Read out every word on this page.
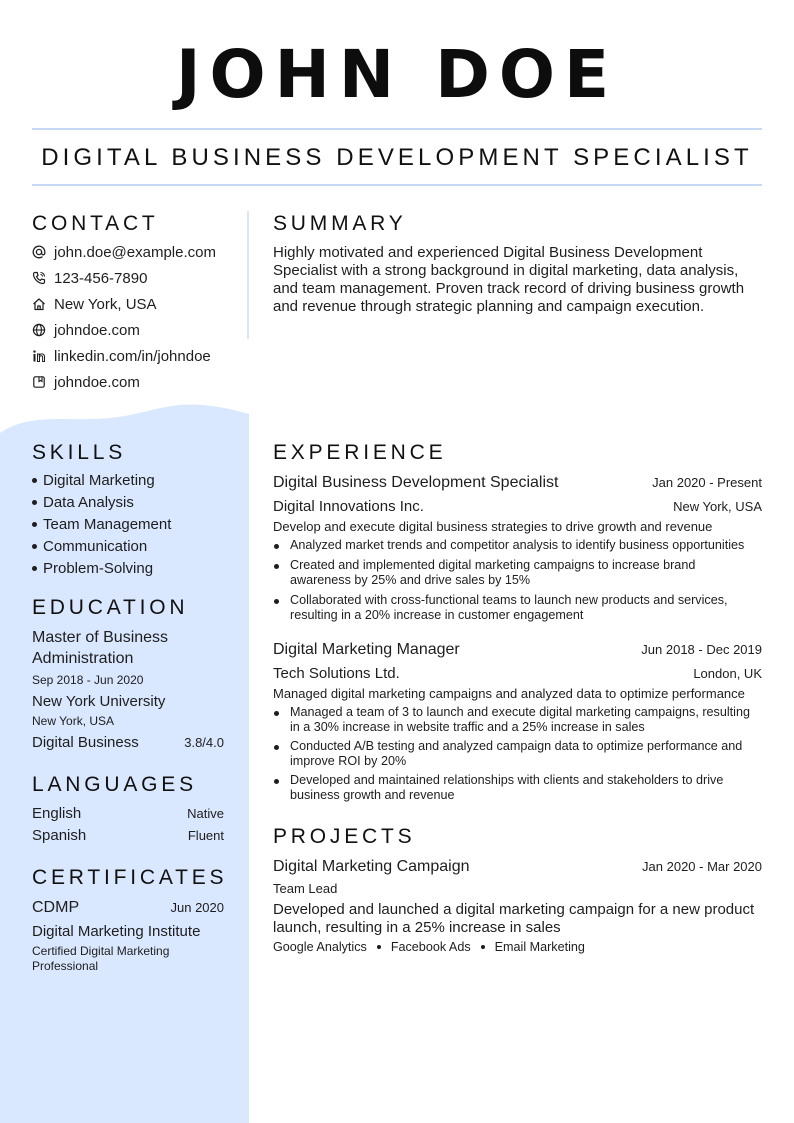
JOHN DOE
DIGITAL BUSINESS DEVELOPMENT SPECIALIST
CONTACT
john.doe@example.com
123-456-7890
New York, USA
johndoe.com
linkedin.com/in/johndoe
johndoe.com
SKILLS
Digital Marketing
Data Analysis
Team Management
Communication
Problem-Solving
EDUCATION
Master of Business
Administration
Sep 2018 - Jun 2020
New York University
New York, USA
Digital Business	3.8/4.0
LANGUAGES
English	Native
Spanish	Fluent
CERTIFICATES
CDMP	Jun 2020
Digital Marketing Institute
Certified Digital Marketing
Professional
SUMMARY
Highly motivated and experienced Digital Business Development
Specialist with a strong background in digital marketing, data analysis,
and team management. Proven track record of driving business growth
and revenue through strategic planning and campaign execution.
EXPERIENCE
Digital Business Development Specialist	Jan 2020 - Present
Digital Innovations Inc.	New York, USA
Develop and execute digital business strategies to drive growth and revenue
Analyzed market trends and competitor analysis to identify business opportunities
Created and implemented digital marketing campaigns to increase brand
awareness by 25% and drive sales by 15%
Collaborated with cross-functional teams to launch new products and services,
resulting in a 20% increase in customer engagement
Digital Marketing Manager	Jun 2018 - Dec 2019
Tech Solutions Ltd.	London, UK
Managed digital marketing campaigns and analyzed data to optimize performance
Managed a team of 3 to launch and execute digital marketing campaigns, resulting
in a 30% increase in website traffic and a 25% increase in sales
Conducted A/B testing and analyzed campaign data to optimize performance and
improve ROI by 20%
Developed and maintained relationships with clients and stakeholders to drive
business growth and revenue
PROJECTS
Digital Marketing Campaign	Jan 2020 - Mar 2020
Team Lead
Developed and launched a digital marketing campaign for a new product
launch, resulting in a 25% increase in sales
Google Analytics Facebook Ads Email Marketing
